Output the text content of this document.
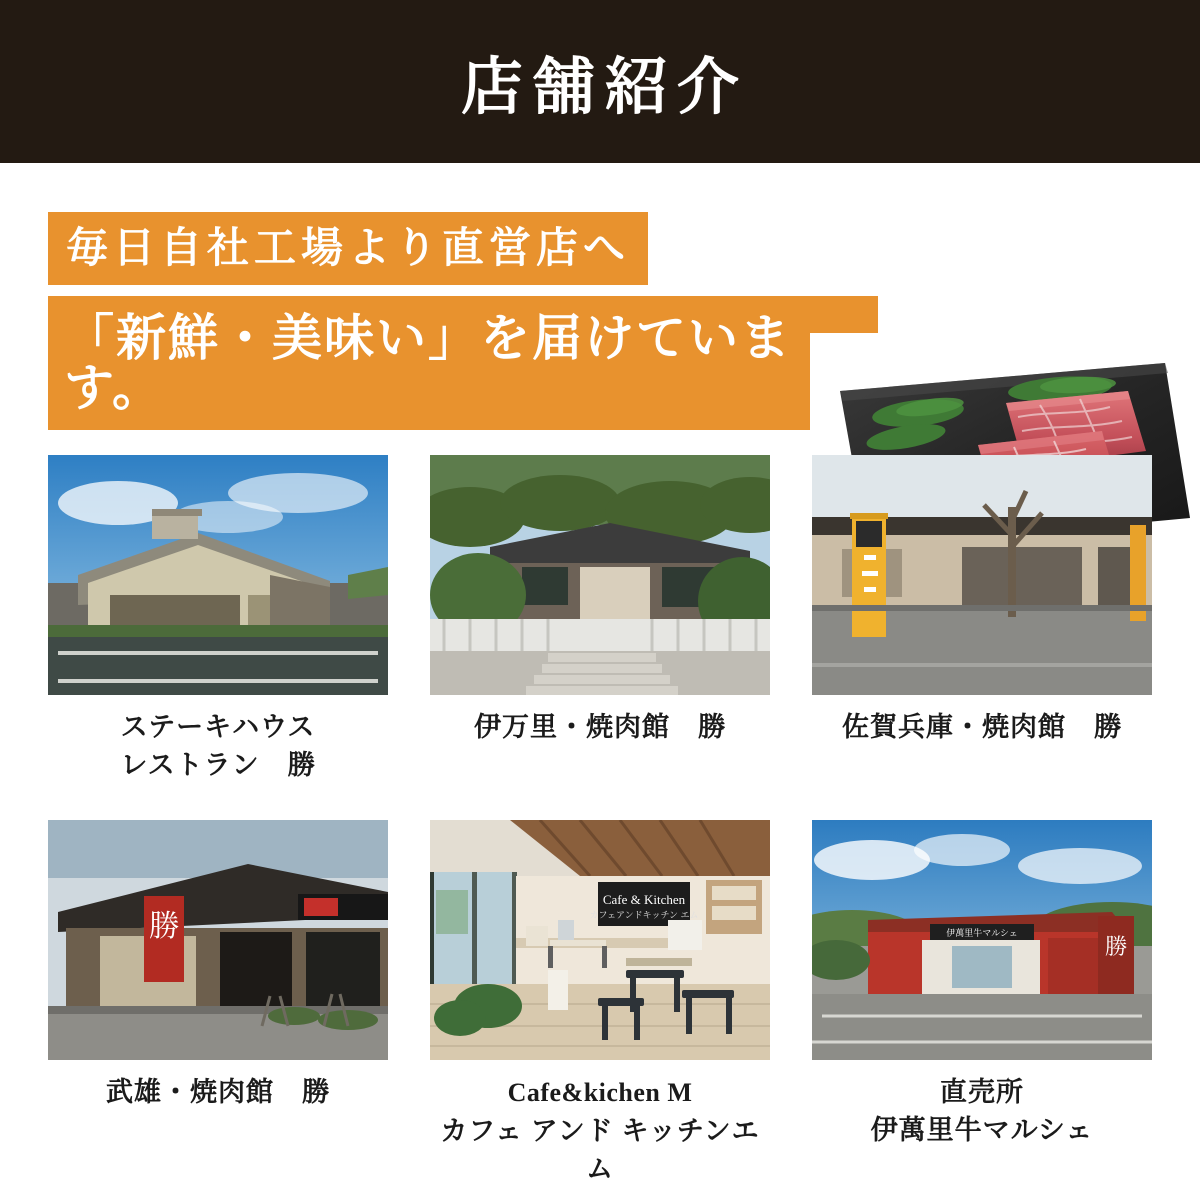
店舗紹介
毎日自社工場より直営店へ 「新鮮・美味い」を届けています。
ステーキハウス
レストラン　勝
伊万里・焼肉館　勝	佐賀兵庫・焼肉館　勝
勝
武雄・焼肉館　勝
Cafe & Kitchen
カフェアンドキッチン エム
Cafe&kichen M
カフェ アンド キッチンエム
勝
伊萬里牛マルシェ
直売所
伊萬里牛マルシェ
